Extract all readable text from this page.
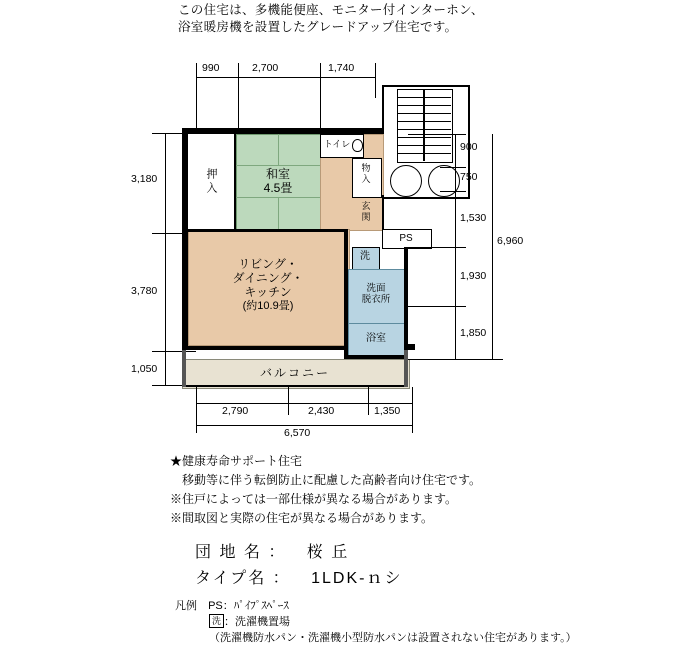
この住宅は、多機能便座、モニター付インターホン、
浴室暖房機を設置したグレードアップ住宅です。
990	2,700	1,740
3,180
3,780
1,050
押入	和室
4.5畳
トイレ
物
入
玄
関
PS
リビング・
ダイニング・
キッチン
(約10.9畳)
洗
洗面
脱衣所
浴室
バルコニー
900
750
1,530
1,930
1,850
6,960
2,790	2,430	1,350
6,570
★健康寿命サポート住宅
移動等に伴う転倒防止に配慮した高齢者向け住宅です。
※住戸によっては一部仕様が異なる場合があります。
※間取図と実際の住宅が異なる場合があります。
団 地 名 ： 桜 丘
タイプ名 ： 1LDK-ｎシ
凡例 PS：ﾊﾟｲﾌﾟｽﾍﾟｰｽ
洗 ：洗濯機置場
（洗濯機防水パン・洗濯機小型防水パンは設置されない住宅があります。）
